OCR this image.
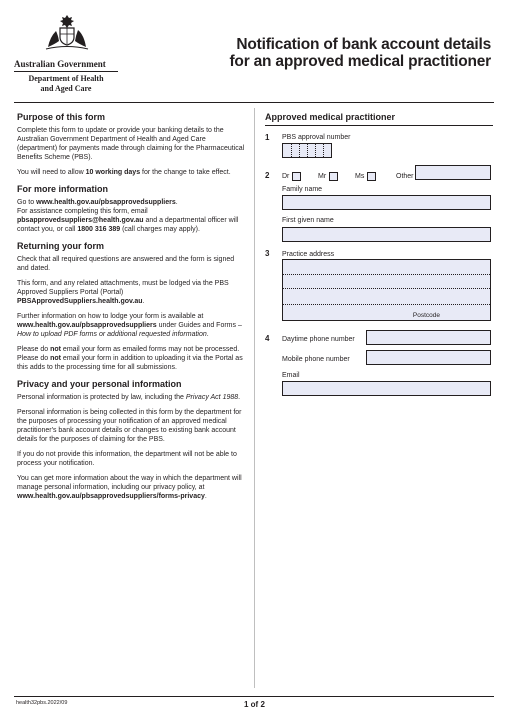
Australian Government
Department of Health
and Aged Care
Notification of bank account details
for an approved medical practitioner
Purpose of this form

Complete this form to update or provide your banking details to the Australian Government Department of Health and Aged Care (department) for payments made through claiming for the Pharmaceutical Benefits Scheme (PBS).

You will need to allow 10 working days for the change to take effect.

For more information

Go to www.health.gov.au/pbsapprovedsuppliers.

For assistance completing this form, email pbsapprovedsuppliers@health.gov.au and a departmental officer will contact you, or call 1800 316 389 (call charges may apply).

Returning your form

Check that all required questions are answered and the form is signed and dated.

This form, and any related attachments, must be lodged via the PBS Approved Suppliers Portal (Portal)
PBSApprovedSuppliers.health.gov.au.

Further information on how to lodge your form is available at www.health.gov.au/pbsapprovedsuppliers under Guides and Forms – How to upload PDF forms or additional requested information.

Please do not email your form as emailed forms may not be processed. Please do not email your form in addition to uploading it via the Portal as this adds to the processing time for all submissions.

Privacy and your personal information

Personal information is protected by law, including the Privacy Act 1988.

Personal information is being collected in this form by the department for the purposes of processing your notification of an approved medical practitioner's bank account details or changes to existing bank account details for the purposes of claiming for the PBS.

If you do not provide this information, the department will not be able to process your notification.

You can get more information about the way in which the department will manage personal information, including our privacy policy, at www.health.gov.au/pbsapprovedsuppliers/forms-privacy.

Approved medical practitioner
1 PBS approval number
2 Dr	Mr	Ms	Other
Family name
First given name
3 Practice address
Postcode
4 Daytime phone number
Mobile phone number
Email
health32pbs.2022/09	1 of 2
